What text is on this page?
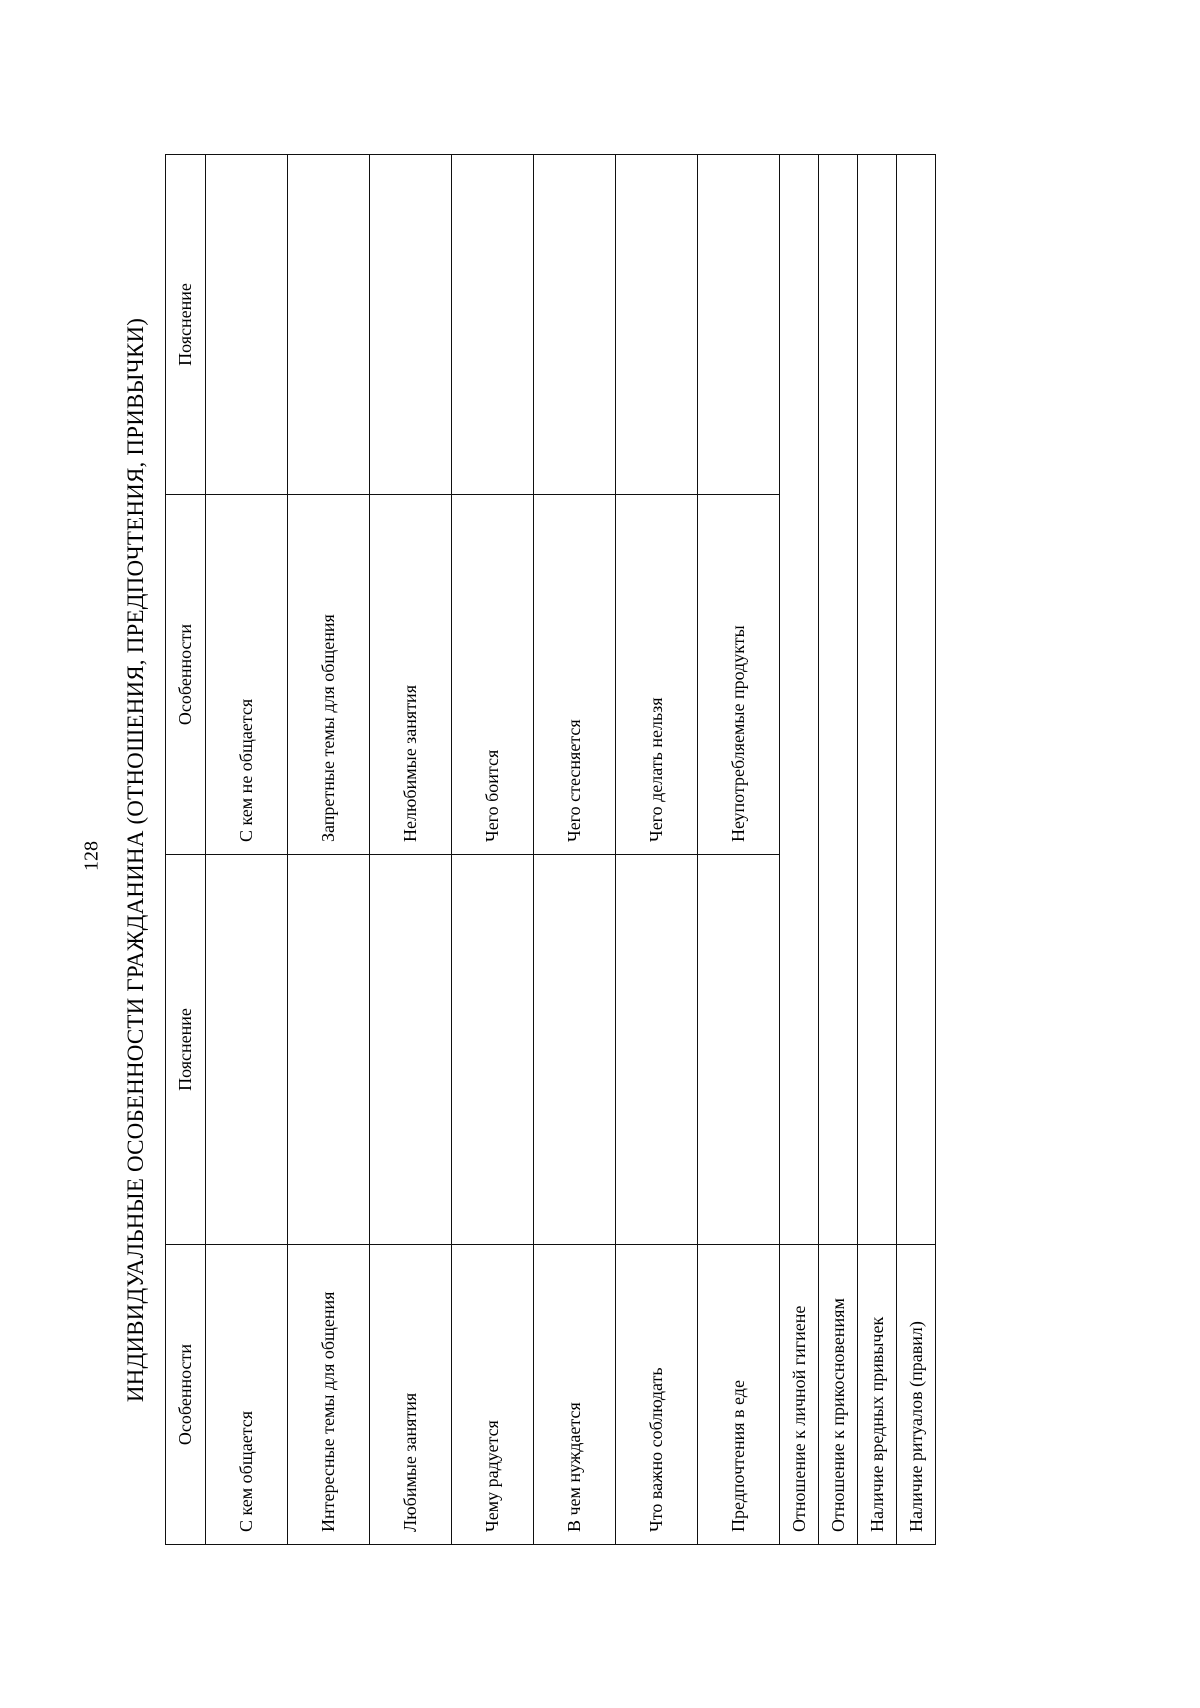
128 ИНДИВИДУАЛЬНЫЕ ОСОБЕННОСТИ ГРАЖДАНИНА (ОТНОШЕНИЯ, ПРЕДПОЧТЕНИЯ, ПРИВЫЧКИ) Особенности	Пояснение	Особенности	Пояснение
С кем общается		С кем не общается	
Интересные темы для общения		Запретные темы для общения	
Любимые занятия		Нелюбимые занятия	
Чему радуется		Чего боится	
В чем нуждается		Чего стесняется	
Что важно соблюдать		Чего делать нельзя	
Предпочтения в еде		Неупотребляемые продукты	
Отношение к личной гигиене			
Отношение к прикосновениям			
Наличие вредных привычек			
Наличие ритуалов (правил)			
